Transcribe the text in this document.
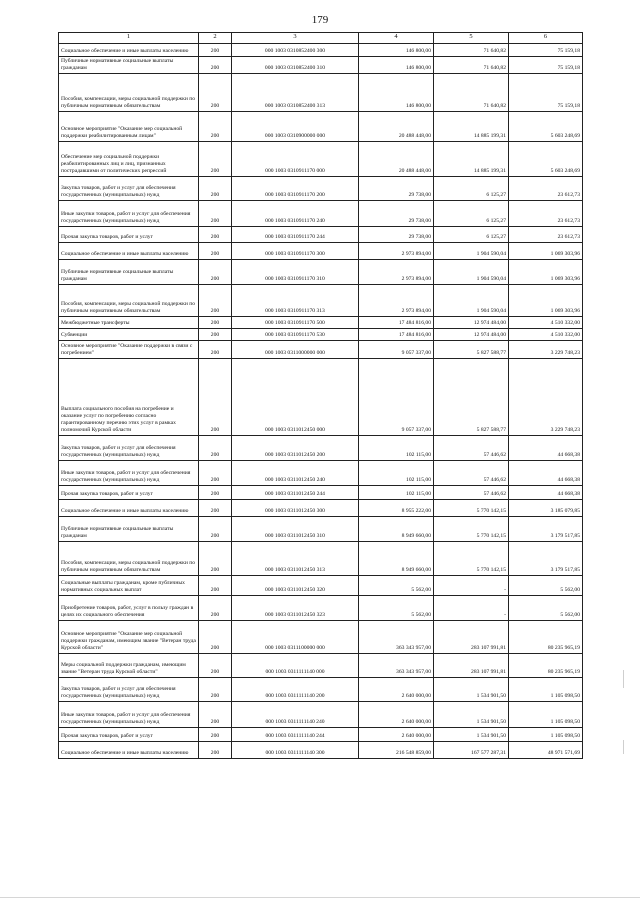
179
1	2	3	4	5	6
Социальное обеспечение и иные выплаты населению	200	000 1003 0310852400 300	146 800,00	71 640,82	75 159,18
Публичные нормативные социальные выплаты гражданам	200	000 1003 0310852400 310	146 800,00	71 640,82	75 159,18
Пособия, компенсации, меры социальной поддержки по публичным нормативным обязательствам	200	000 1003 0310852400 313	146 800,00	71 640,82	75 159,18
Основное мероприятие "Оказание мер социальной поддержки реабилитированным лицам"	200	000 1003 0310900000 000	20 488 448,00	14 885 199,31	5 603 248,69
Обеспечение мер социальной поддержки реабилитированных лиц и лиц, признанных пострадавшими от политических репрессий	200	000 1003 0310911170 000	20 488 448,00	14 885 199,31	5 603 248,69
Закупка товаров, работ и услуг для обеспечения государственных (муниципальных) нужд	200	000 1003 0310911170 200	29 738,00	6 125,27	23 612,73
Иные закупки товаров, работ и услуг для обеспечения государственных (муниципальных) нужд	200	000 1003 0310911170 240	29 738,00	6 125,27	23 612,73
Прочая закупка товаров, работ и услуг	200	000 1003 0310911170 244	29 738,00	6 125,27	23 612,73
Социальное обеспечение и иные выплаты населению	200	000 1003 0310911170 300	2 973 894,00	1 904 590,04	1 069 303,96
Публичные нормативные социальные выплаты гражданам	200	000 1003 0310911170 310	2 973 894,00	1 904 590,04	1 069 303,96
Пособия, компенсации, меры социальной поддержки по публичным нормативным обязательствам	200	000 1003 0310911170 313	2 973 894,00	1 904 590,04	1 069 303,96
Межбюджетные трансферты	200	000 1003 0310911170 500	17 484 816,00	12 974 484,00	4 510 332,00
Субвенции	200	000 1003 0310911170 530	17 484 816,00	12 974 484,00	4 510 332,00
Основное мероприятие "Оказание поддержки в связи с погребением"	200	000 1003 0311000000 000	9 057 337,00	5 827 588,77	3 229 748,23
Выплата социального пособия на погребение и оказание услуг по погребению согласно гарантированному перечню этих услуг в рамках полномочий Курской области	200	000 1003 0311012450 000	9 057 337,00	5 827 588,77	3 229 748,23
Закупка товаров, работ и услуг для обеспечения государственных (муниципальных) нужд	200	000 1003 0311012450 200	102 115,00	57 446,62	44 668,38
Иные закупки товаров, работ и услуг для обеспечения государственных (муниципальных) нужд	200	000 1003 0311012450 240	102 115,00	57 446,62	44 668,38
Прочая закупка товаров, работ и услуг	200	000 1003 0311012450 244	102 115,00	57 446,62	44 668,38
Социальное обеспечение и иные выплаты населению	200	000 1003 0311012450 300	8 955 222,00	5 770 142,15	3 185 079,85
Публичные нормативные социальные выплаты гражданам	200	000 1003 0311012450 310	8 949 660,00	5 770 142,15	3 179 517,85
Пособия, компенсации, меры социальной поддержки по публичным нормативным обязательствам	200	000 1003 0311012450 313	8 949 660,00	5 770 142,15	3 179 517,85
Социальные выплаты гражданам, кроме публичных нормативных социальных выплат	200	000 1003 0311012450 320	5 562,00	-	5 562,00
Приобретение товаров, работ, услуг в пользу граждан в целях их социального обеспечения	200	000 1003 0311012450 323	5 562,00	-	5 562,00
Основное мероприятие "Оказание мер социальной поддержки гражданам, имеющим звание "Ветеран труда Курской области"	200	000 1003 0311100000 000	363 343 957,00	283 107 991,81	80 235 965,19
Меры социальной поддержки гражданам, имеющим звание "Ветеран труда Курской области"	200	000 1003 0311111140 000	363 343 957,00	283 107 991,81	80 235 965,19
Закупка товаров, работ и услуг для обеспечения государственных (муниципальных) нужд	200	000 1003 0311111140 200	2 640 000,00	1 534 901,50	1 105 098,50
Иные закупки товаров, работ и услуг для обеспечения государственных (муниципальных) нужд	200	000 1003 0311111140 240	2 640 000,00	1 534 901,50	1 105 098,50
Прочая закупка товаров, работ и услуг	200	000 1003 0311111140 244	2 640 000,00	1 534 901,50	1 105 098,50
Социальное обеспечение и иные выплаты населению	200	000 1003 0311111140 300	216 548 859,00	167 577 287,31	48 971 571,69
